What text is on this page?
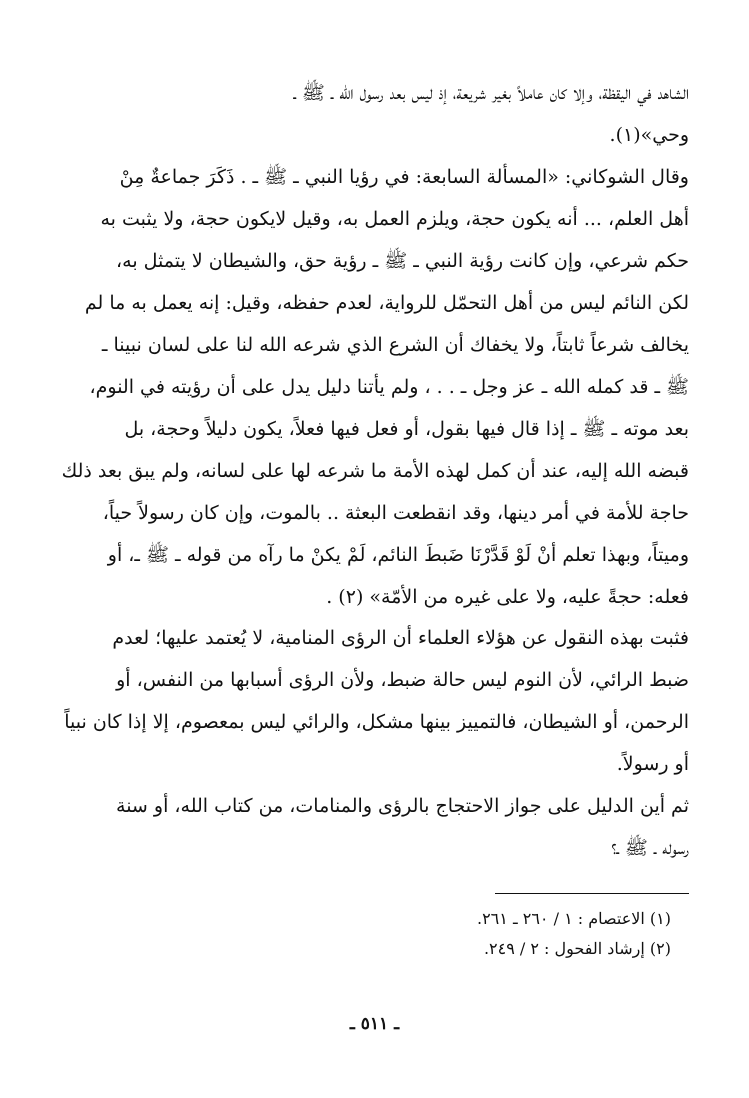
الشاهد في اليقظة، وإلا كان عاملاً بغير شريعة، إذ ليس بعد رسول الله ـ ﷺ ـ
وحي»(١).
وقال الشوكاني: «المسألة السابعة: في رؤيا النبي ـ ﷺ ـ . ذَكَرَ جماعةٌ مِنْ
أهل العلم، ... أنه يكون حجة، ويلزم العمل به، وقيل لايكون حجة، ولا يثبت به
حكم شرعي، وإن كانت رؤية النبي ـ ﷺ ـ رؤية حق، والشيطان لا يتمثل به،
لكن النائم ليس من أهل التحمّل للرواية، لعدم حفظه، وقيل: إنه يعمل به ما لم
يخالف شرعاً ثابتاً، ولا يخفاك أن الشرع الذي شرعه الله لنا على لسان نبينا ـ
ﷺ ـ قد كمله الله ـ عز وجل ـ . . ، ولم يأتنا دليل يدل على أن رؤيته في النوم،
بعد موته ـ ﷺ ـ إذا قال فيها بقول، أو فعل فيها فعلاً، يكون دليلاً وحجة، بل
قبضه الله إليه، عند أن كمل لهذه الأمة ما شرعه لها على لسانه، ولم يبق بعد ذلك
حاجة للأمة في أمر دينها، وقد انقطعت البعثة .. بالموت، وإن كان رسولاً حياً،
وميتاً، وبهذا تعلم أنْ لَوْ قَدَّرْنَا ضَبطَ النائم، لَمْ يكنْ ما رآه من قوله ـ ﷺ ـ، أو
فعله: حجةً عليه، ولا على غيره من الأمّة» (٢) .
فثبت بهذه النقول عن هؤلاء العلماء أن الرؤى المنامية، لا يُعتمد عليها؛ لعدم
ضبط الرائي، لأن النوم ليس حالة ضبط، ولأن الرؤى أسبابها من النفس، أو
الرحمن، أو الشيطان، فالتمييز بينها مشكل، والرائي ليس بمعصوم، إلا إذا كان نبياً
أو رسولاً.
ثم أين الدليل على جواز الاحتجاج بالرؤى والمنامات، من كتاب الله، أو سنة
رسوله ـ ﷺ ـ؟
(١) الاعتصام : ١ / ٢٦٠ ـ ٢٦١.
(٢) إرشاد الفحول : ٢ / ٢٤٩.
ـ ٥١١ ـ
